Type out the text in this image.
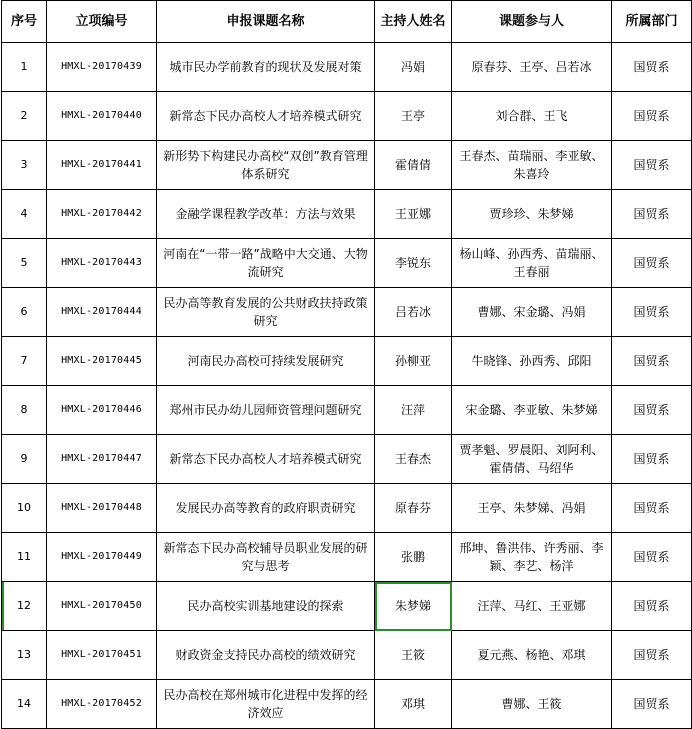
序号	立项编号	申报课题名称	主持人姓名	课题参与人	所属部门
1	HMXL-20170439	城市民办学前教育的现状及发展对策	冯娟	原春芬、王亭、吕若冰	国贸系
2	HMXL-20170440	新常态下民办高校人才培养模式研究	王亭	刘合群、王飞	国贸系
3	HMXL-20170441	新形势下构建民办高校“双创”教育管理体系研究	霍倩倩	王春杰、苗瑞丽、李亚敏、朱喜玲	国贸系
4	HMXL-20170442	金融学课程教学改革：方法与效果	王亚娜	贾珍珍、朱梦娣	国贸系
5	HMXL-20170443	河南在“一带一路”战略中大交通、大物流研究	李锐东	杨山峰、孙西秀、苗瑞丽、王春丽	国贸系
6	HMXL-20170444	民办高等教育发展的公共财政扶持政策研究	吕若冰	曹娜、宋金璐、冯娟	国贸系
7	HMXL-20170445	河南民办高校可持续发展研究	孙柳亚	牛晓锋、孙西秀、邱阳	国贸系
8	HMXL-20170446	郑州市民办幼儿园师资管理问题研究	汪萍	宋金璐、李亚敏、朱梦娣	国贸系
9	HMXL-20170447	新常态下民办高校人才培养模式研究	王春杰	贾孝魁、罗晨阳、刘阿利、霍倩倩、马绍华	国贸系
10	HMXL-20170448	发展民办高等教育的政府职责研究	原春芬	王亭、朱梦娣、冯娟	国贸系
11	HMXL-20170449	新常态下民办高校辅导员职业发展的研究与思考	张鹏	邢坤、鲁洪伟、许秀丽、李颖、李艺、杨洋	国贸系
12	HMXL-20170450	民办高校实训基地建设的探索	朱梦娣	汪萍、马红、王亚娜	国贸系
13	HMXL-20170451	财政资金支持民办高校的绩效研究	王筱	夏元燕、杨艳、邓琪	国贸系
14	HMXL-20170452	民办高校在郑州城市化进程中发挥的经济效应	邓琪	曹娜、王筱	国贸系
